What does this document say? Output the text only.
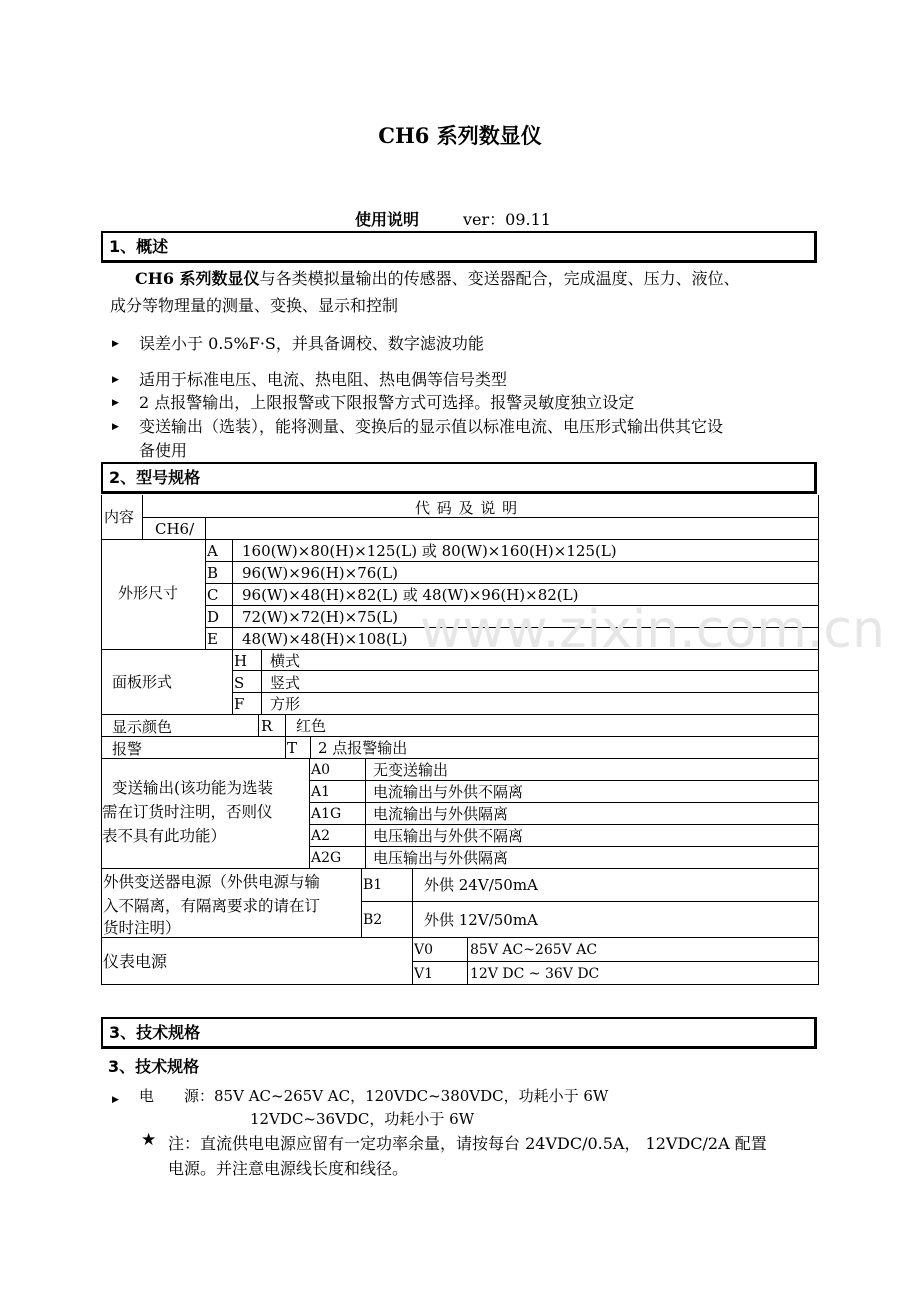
CH6 系列数显仪
使用说明	ver：09.11
1、概述
CH6 系列数显仪与各类模拟量输出的传感器、变送器配合，完成温度、压力、液位、
成分等物理量的测量、变换、显示和控制
▶ 误差小于 0.5%F·S，并具备调校、数字滤波功能
▶ 适用于标准电压、电流、热电阻、热电偶等信号类型
▶ 2 点报警输出，上限报警或下限报警方式可选择。报警灵敏度独立设定
▶ 变送输出（选装），能将测量、变换后的显示值以标准电流、电压形式输出供其它设
备使用
2、型号规格
内容	代 码 及 说 明
CH6/
外形尺寸
A 160(W)×80(H)×125(L) 或 80(W)×160(H)×125(L)
B 96(W)×96(H)×76(L)
C 96(W)×48(H)×82(L) 或 48(W)×96(H)×82(L)
D 72(W)×72(H)×75(L)
E 48(W)×48(H)×108(L)
面板形式
H 横式
S 竖式
F 方形
显示颜色	R 红色
报警	T 2 点报警输出
变送输出(该功能为选装
需在订货时注明，否则仪
表不具有此功能）
A0	无变送输出
A1	电流输出与外供不隔离
A1G 电流输出与外供隔离
A2	电压输出与外供不隔离
A2G 电压输出与外供隔离
外供变送器电源（外供电源与输
入不隔离，有隔离要求的请在订
货时注明）
B1	外供 24V/50mA
B2	外供 12V/50mA
仪表电源
V0	85V AC~265V AC
V1	12V DC ~ 36V DC
www.zixin.com.cn
3、技术规格
3、技术规格
▶ 电　　源：85V AC~265V AC，120VDC~380VDC，功耗小于 6W
12VDC~36VDC，功耗小于 6W
★ 注：直流供电电源应留有一定功率余量，请按每台 24VDC/0.5A， 12VDC/2A 配置
电源。并注意电源线长度和线径。
